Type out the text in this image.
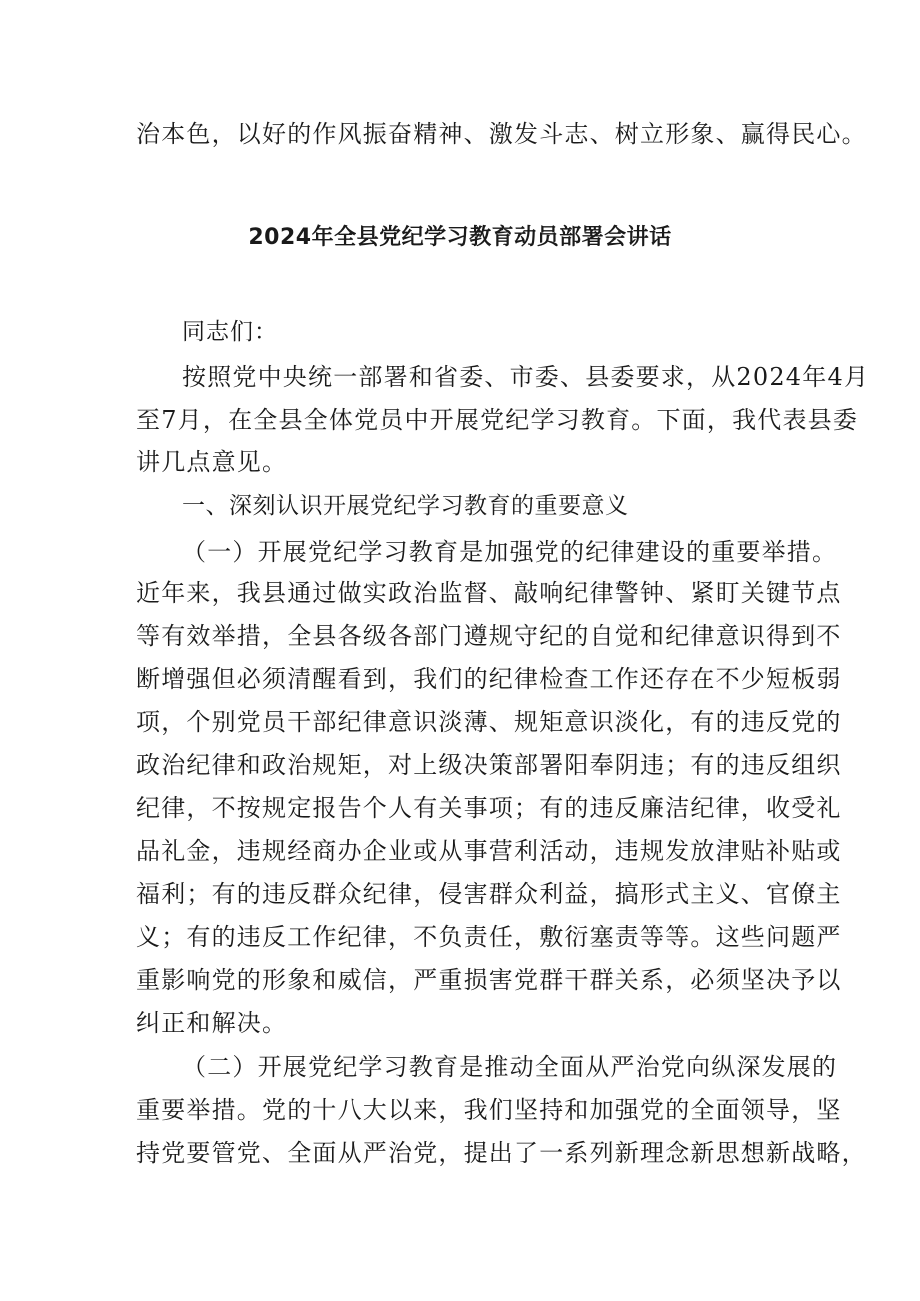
治本色，以好的作风振奋精神、激发斗志、树立形象、赢得民心。
2024年全县党纪学习教育动员部署会讲话
同志们：
按照党中央统一部署和省委、市委、县委要求，从2024年4月
至7月，在全县全体党员中开展党纪学习教育。下面，我代表县委
讲几点意见。
一、深刻认识开展党纪学习教育的重要意义
（一）开展党纪学习教育是加强党的纪律建设的重要举措。
近年来，我县通过做实政治监督、敲响纪律警钟、紧盯关键节点
等有效举措，全县各级各部门遵规守纪的自觉和纪律意识得到不
断增强但必须清醒看到，我们的纪律检查工作还存在不少短板弱
项，个别党员干部纪律意识淡薄、规矩意识淡化，有的违反党的
政治纪律和政治规矩，对上级决策部署阳奉阴违；有的违反组织
纪律，不按规定报告个人有关事项；有的违反廉洁纪律，收受礼
品礼金，违规经商办企业或从事营利活动，违规发放津贴补贴或
福利；有的违反群众纪律，侵害群众利益，搞形式主义、官僚主
义；有的违反工作纪律，不负责任，敷衍塞责等等。这些问题严
重影响党的形象和威信，严重损害党群干群关系，必须坚决予以
纠正和解决。
（二）开展党纪学习教育是推动全面从严治党向纵深发展的
重要举措。党的十八大以来，我们坚持和加强党的全面领导，坚
持党要管党、全面从严治党，提出了一系列新理念新思想新战略，
